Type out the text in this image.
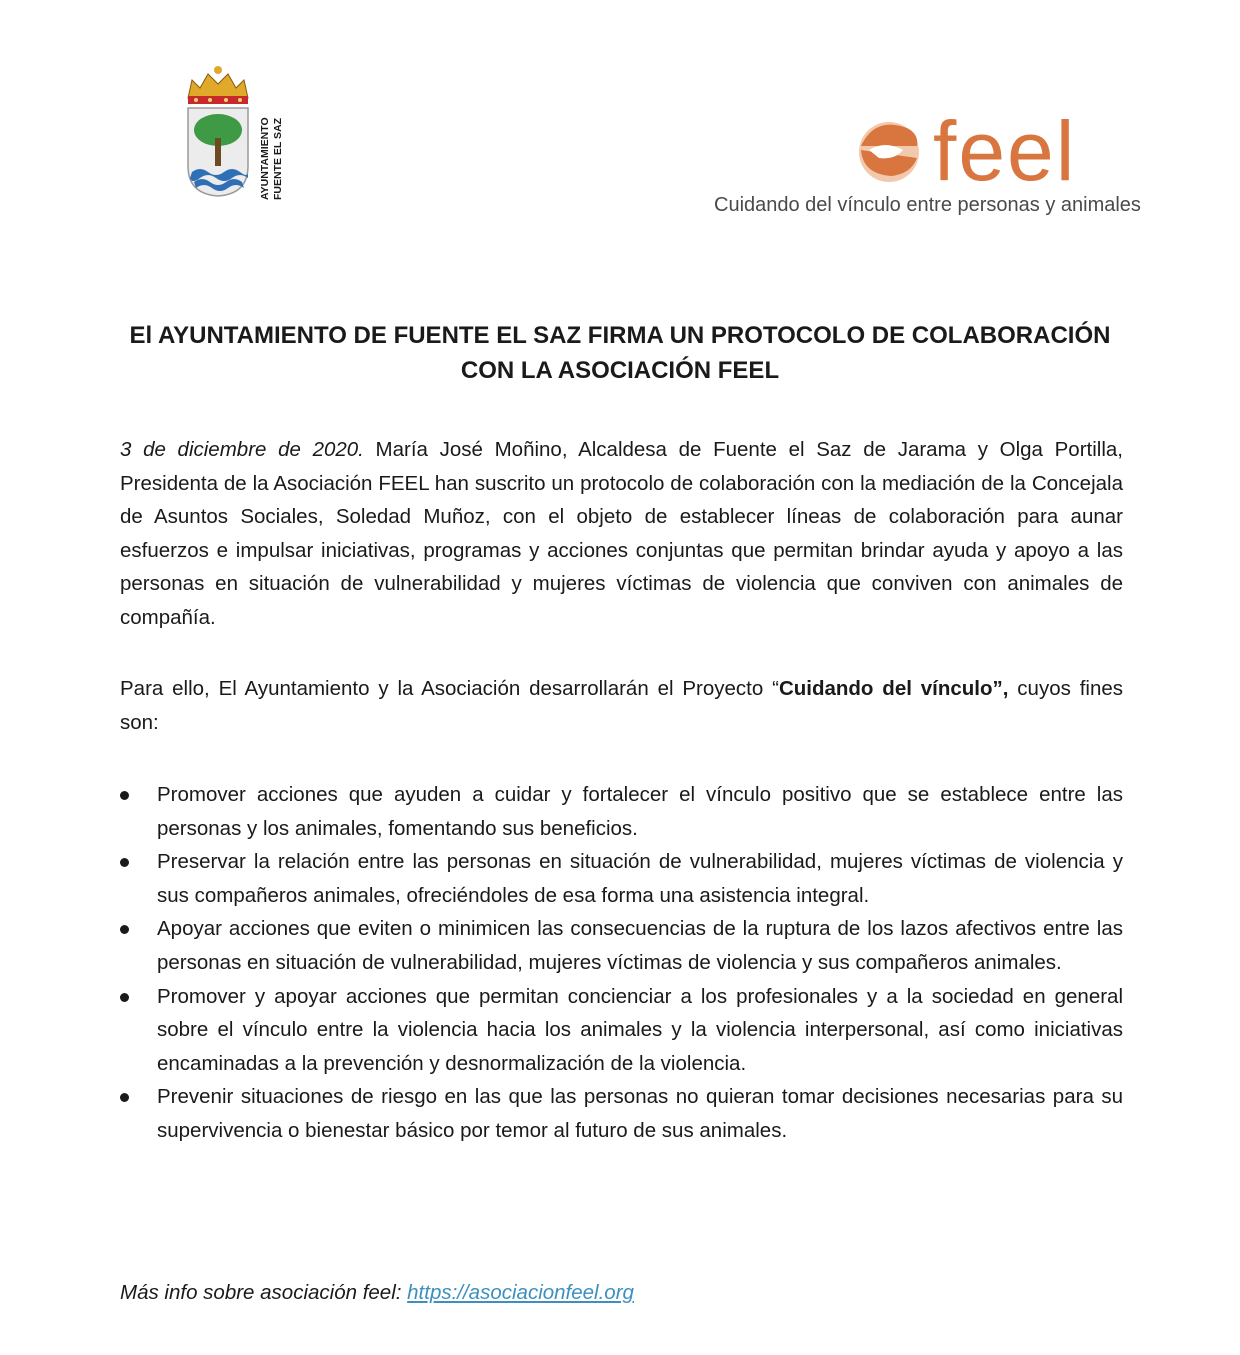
AYUNTAMIENTO FUENTE EL SAZ	feel
Cuidando del vínculo entre personas y animales
El AYUNTAMIENTO DE FUENTE EL SAZ FIRMA UN PROTOCOLO DE COLABORACIÓN
CON LA ASOCIACIÓN FEEL
3 de diciembre de 2020. María José Moñino, Alcaldesa de Fuente el Saz de Jarama y Olga Portilla, Presidenta de la Asociación FEEL han suscrito un protocolo de colaboración con la mediación de la Concejala de Asuntos Sociales, Soledad Muñoz, con el objeto de establecer líneas de colaboración para aunar esfuerzos e impulsar iniciativas, programas y acciones conjuntas que permitan brindar ayuda y apoyo a las personas en situación de vulnerabilidad y mujeres víctimas de violencia que conviven con animales de compañía.
Para ello, El Ayuntamiento y la Asociación desarrollarán el Proyecto “Cuidando del vínculo”, cuyos fines son:
Promover acciones que ayuden a cuidar y fortalecer el vínculo positivo que se establece entre las personas y los animales, fomentando sus beneficios.
Preservar la relación entre las personas en situación de vulnerabilidad, mujeres víctimas de violencia y sus compañeros animales, ofreciéndoles de esa forma una asistencia integral.
Apoyar acciones que eviten o minimicen las consecuencias de la ruptura de los lazos afectivos entre las personas en situación de vulnerabilidad, mujeres víctimas de violencia y sus compañeros animales.
Promover y apoyar acciones que permitan concienciar a los profesionales y a la sociedad en general sobre el vínculo entre la violencia hacia los animales y la violencia interpersonal, así como iniciativas encaminadas a la prevención y desnormalización de la violencia.
Prevenir situaciones de riesgo en las que las personas no quieran tomar decisiones necesarias para su supervivencia o bienestar básico por temor al futuro de sus animales.
Más info sobre asociación feel: https://asociacionfeel.org
